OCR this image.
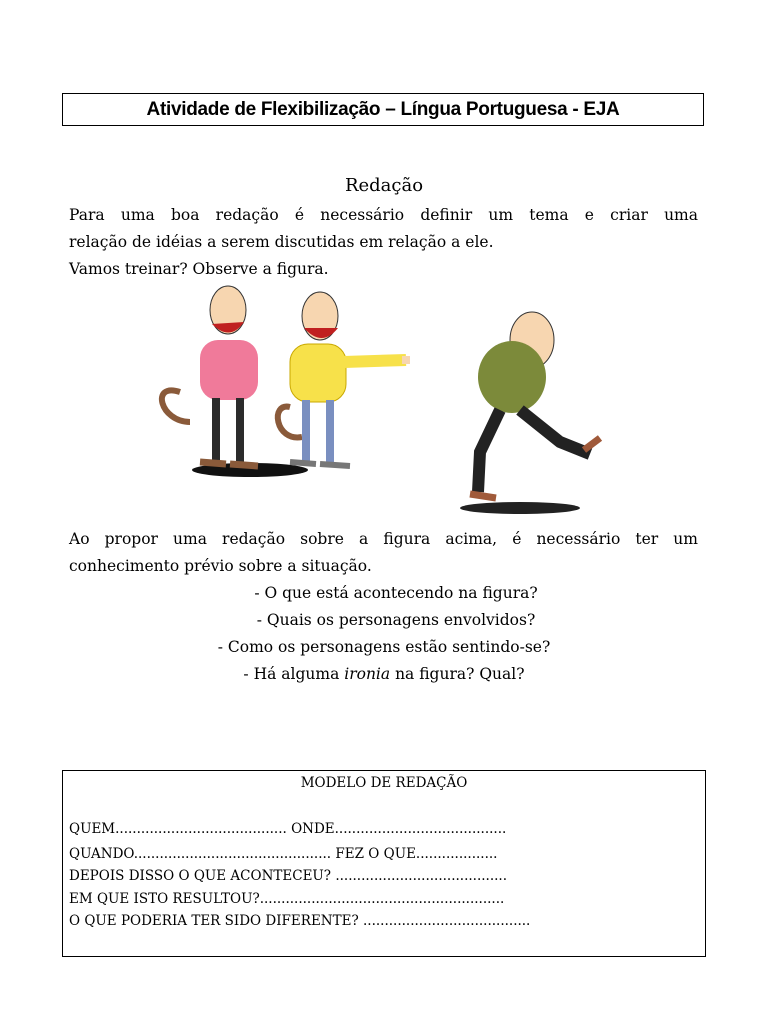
Atividade de Flexibilização – Língua Portuguesa - EJA
Redação
Para uma boa redação é necessário definir um tema e criar uma
relação de idéias a serem discutidas em relação a ele.
Vamos treinar? Observe a figura.
Ao propor uma redação sobre a figura acima, é necessário ter um
conhecimento prévio sobre a situação.
- O que está acontecendo na figura?
- Quais os personagens envolvidos?
- Como os personagens estão sentindo-se?
- Há alguma ironia na figura? Qual?
MODELO DE REDAÇÃO
QUEM........................................ ONDE........................................
QUANDO.............................................. FEZ O QUE...................
DEPOIS DISSO O QUE ACONTECEU? ........................................
EM QUE ISTO RESULTOU?.........................................................
O QUE PODERIA TER SIDO DIFERENTE? .......................................
